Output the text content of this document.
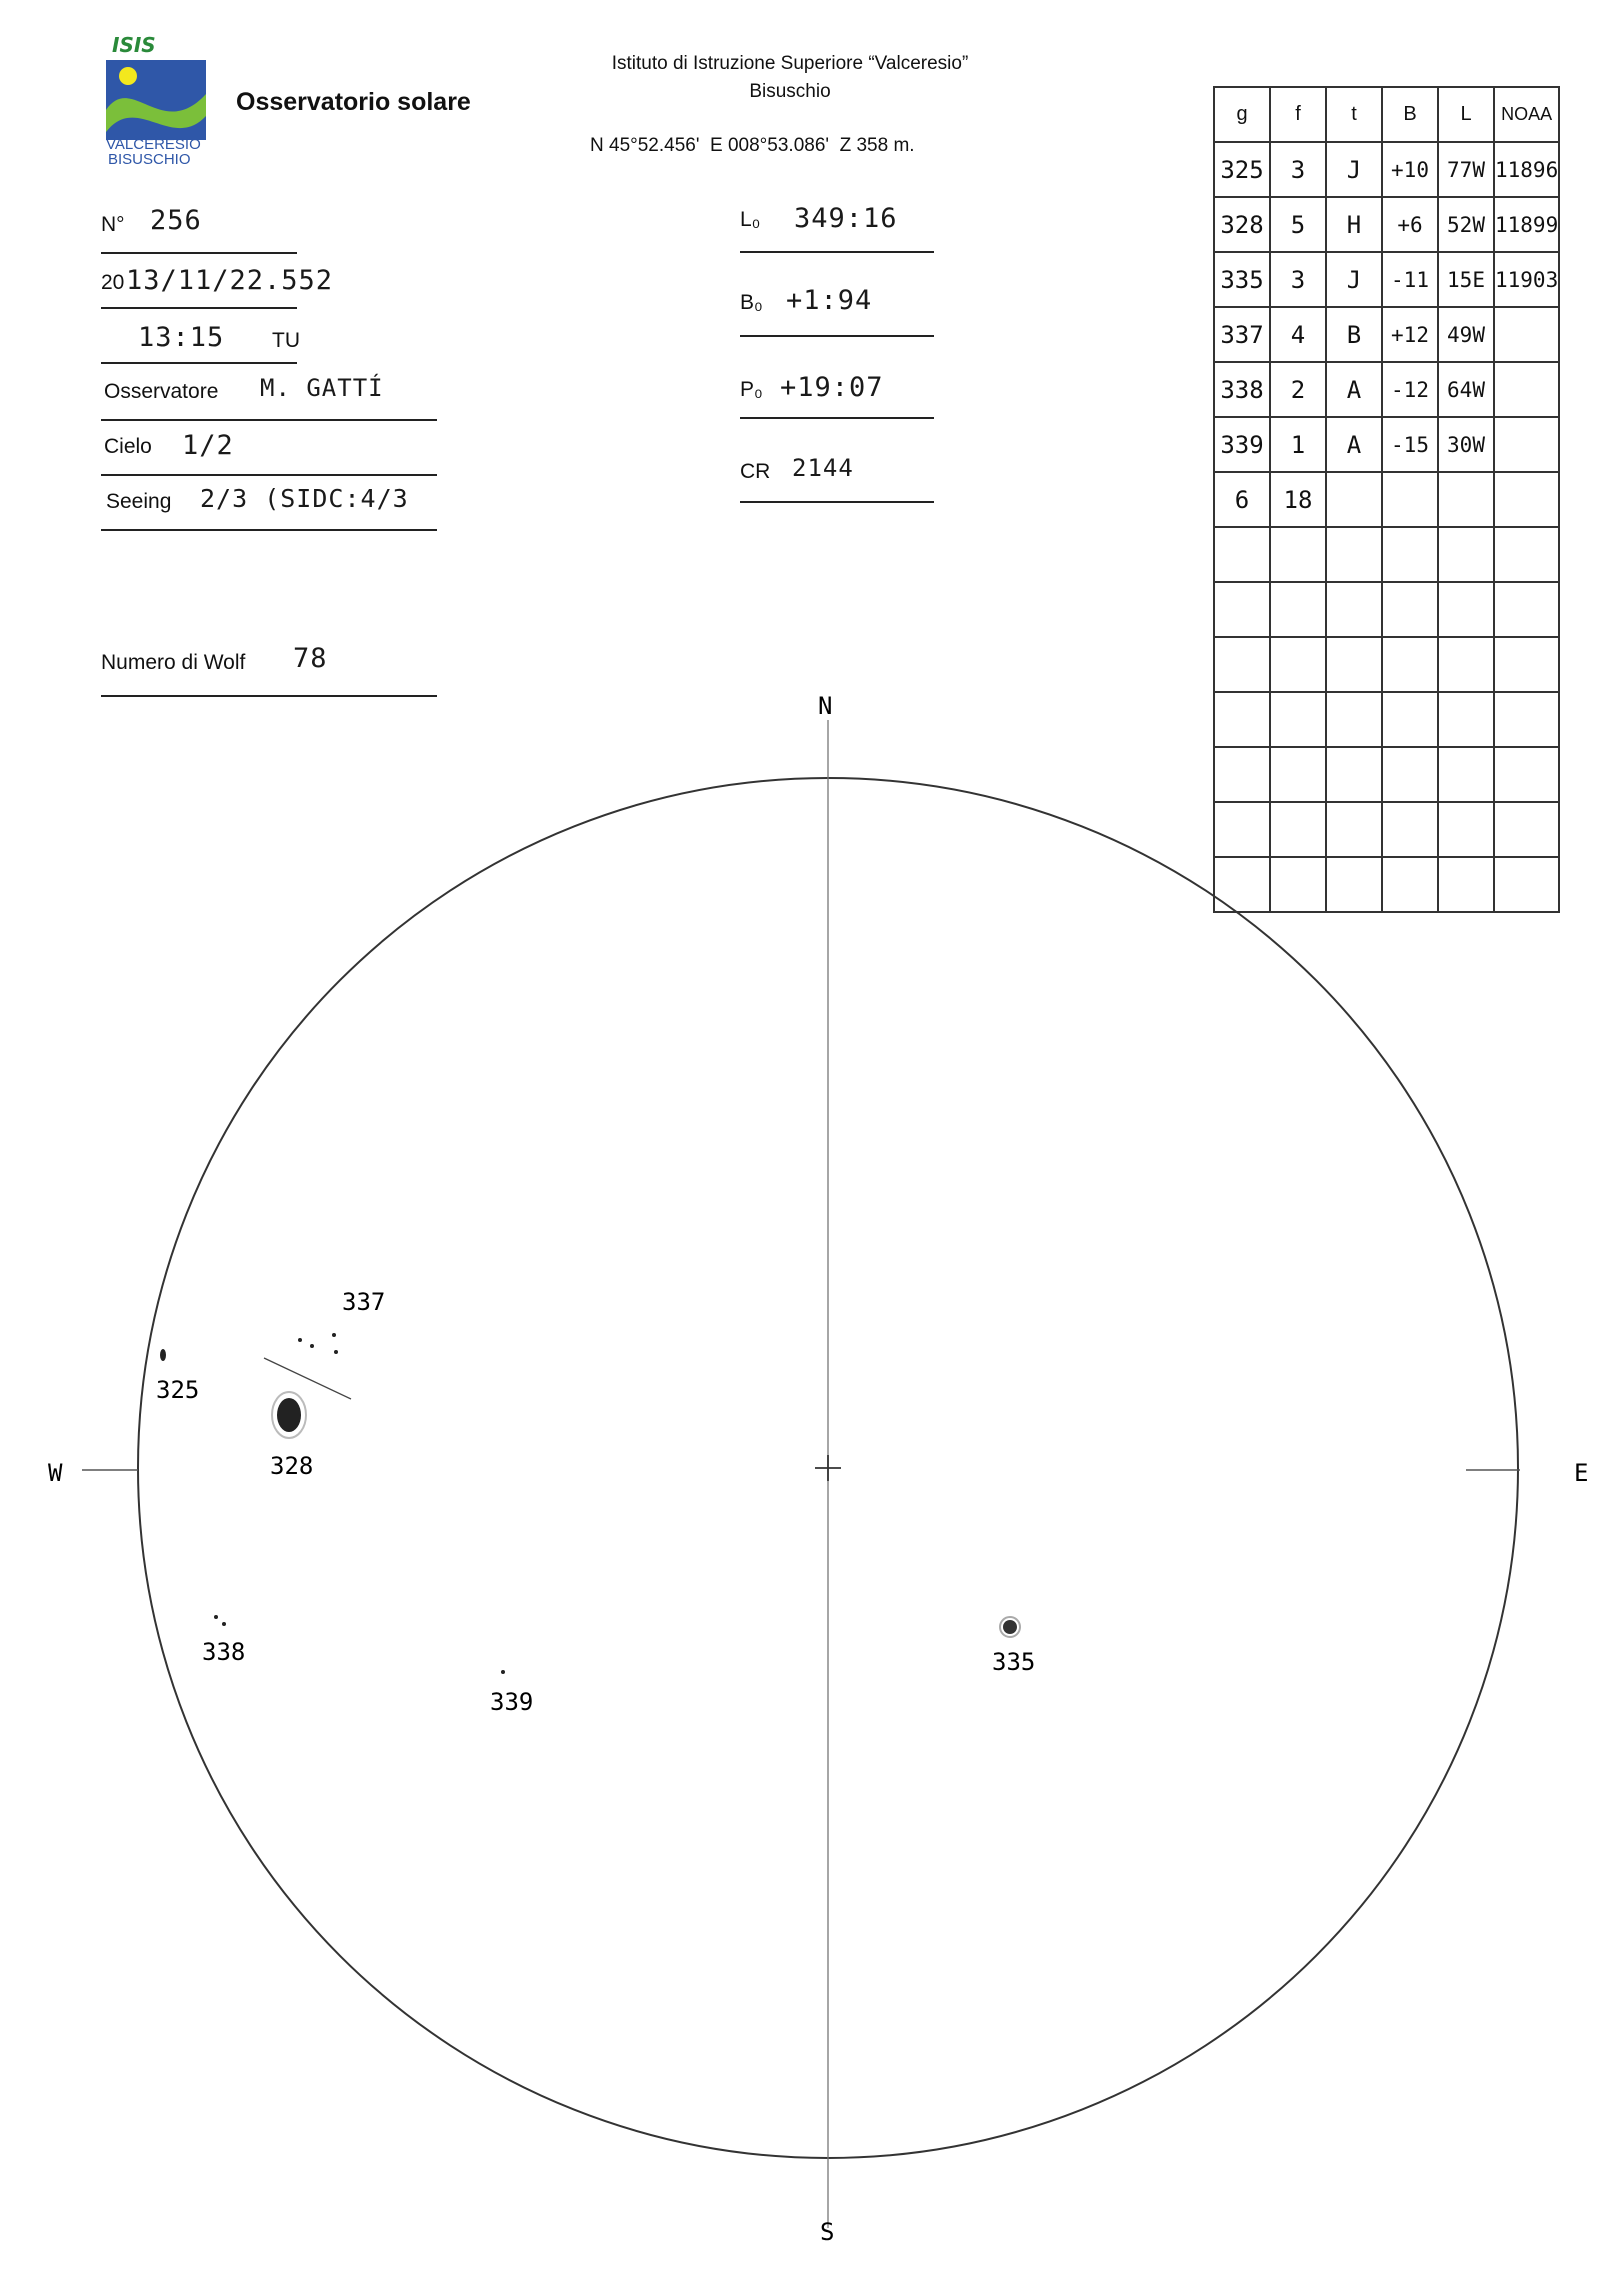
ISIS
VALCERESIO
BISUSCHIO
Osservatorio solare
Istituto di Istruzione Superiore “Valceresio”
Bisuschio
N 45°52.456'  E 008°53.086'  Z 358 m.
N° 256
20 13/11/22.552
13:15 TU
Osservatore M. GATTÍ
Cielo 1/2
Seeing 2/3 (SIDC:4/3
Numero di Wolf 78
L₀ 349:16
B₀ +1:94
P₀ +19:07
CR 2144
g	f	t	B	L	NOAA
325	3	J	+10	77W	11896
328	5	H	+6	52W	11899
335	3	J	-11	15E	11903
337	4	B	+12	49W	
338	2	A	-12	64W	
339	1	A	-15	30W	
6	18				

N
S
W	E
325
328
337
338
339
335
